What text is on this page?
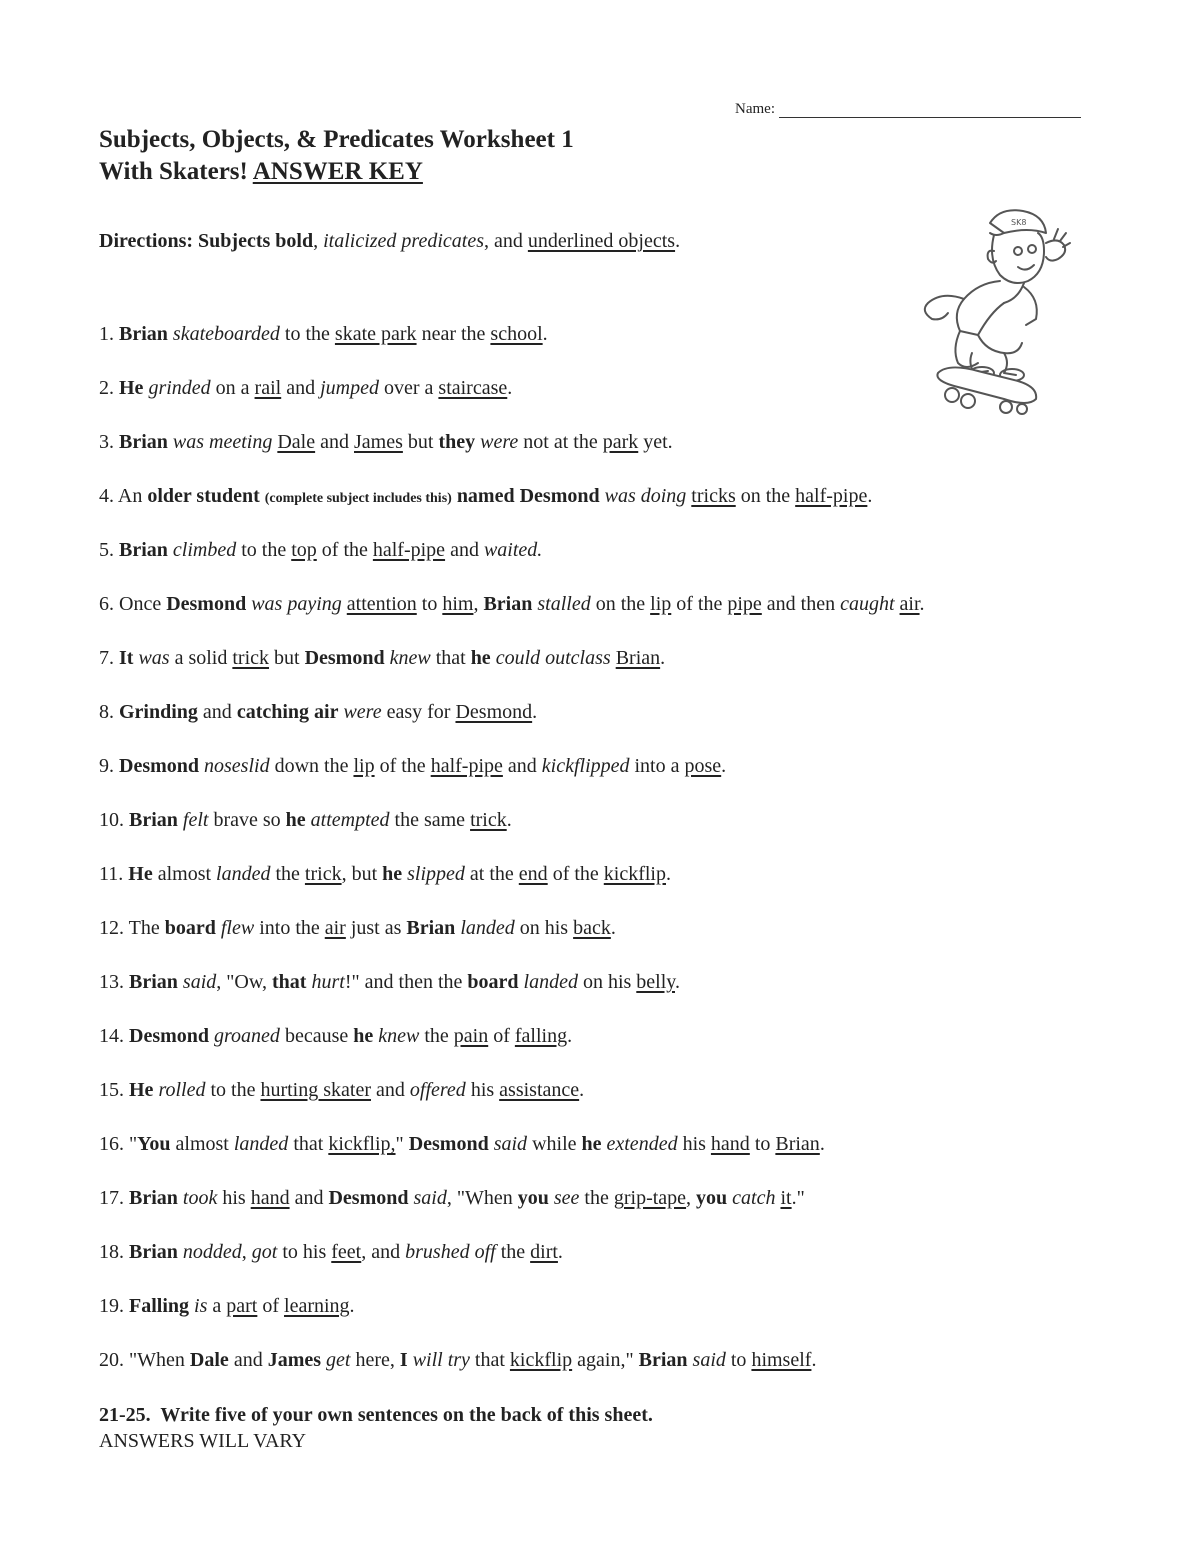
Name:
Subjects, Objects, & Predicates Worksheet 1
With Skaters! ANSWER KEY
Directions: Subjects bold, italicized predicates, and underlined objects.
1. Brian skateboarded to the skate park near the school.
2. He grinded on a rail and jumped over a staircase.
3. Brian was meeting Dale and James but they were not at the park yet.
4. An older student (complete subject includes this) named Desmond was doing tricks on the half-pipe.
5. Brian climbed to the top of the half-pipe and waited.
6. Once Desmond was paying attention to him, Brian stalled on the lip of the pipe and then caught air.
7. It was a solid trick but Desmond knew that he could outclass Brian.
8. Grinding and catching air were easy for Desmond.
9. Desmond noseslid down the lip of the half-pipe and kickflipped into a pose.
10. Brian felt brave so he attempted the same trick.
11. He almost landed the trick, but he slipped at the end of the kickflip.
12. The board flew into the air just as Brian landed on his back.
13. Brian said, "Ow, that hurt!" and then the board landed on his belly.
14. Desmond groaned because he knew the pain of falling.
15. He rolled to the hurting skater and offered his assistance.
16. "You almost landed that kickflip," Desmond said while he extended his hand to Brian.
17. Brian took his hand and Desmond said, "When you see the grip-tape, you catch it."
18. Brian nodded, got to his feet, and brushed off the dirt.
19. Falling is a part of learning.
20. "When Dale and James get here, I will try that kickflip again," Brian said to himself.
21-25. Write five of your own sentences on the back of this sheet.
ANSWERS WILL VARY
SK8
